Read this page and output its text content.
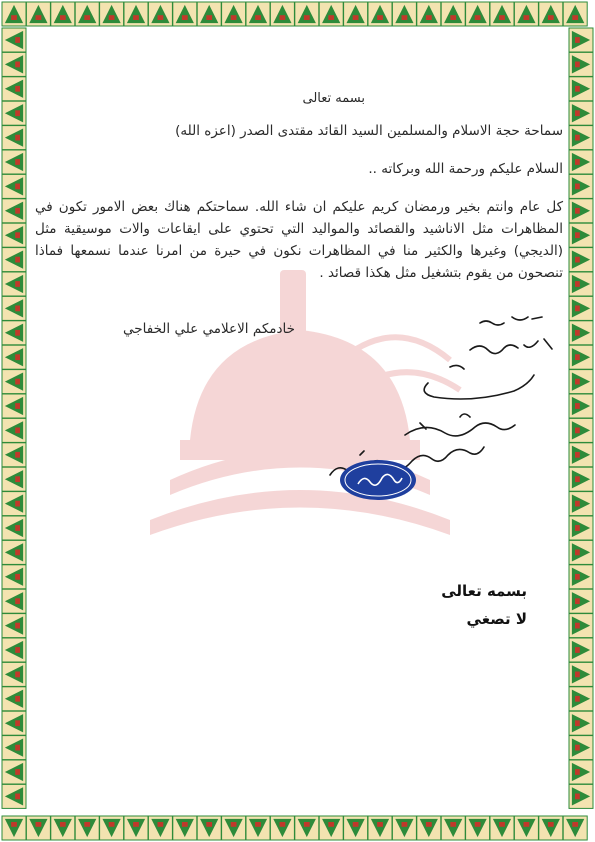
بسمه تعالى
سماحة حجة الاسلام والمسلمين السيد القائد مقتدى الصدر (اعزه الله)
السلام عليكم ورحمة الله وبركاته ..
كل عام وانتم بخير ورمضان كريم عليكم ان شاء الله. سماحتكم هناك بعض الامور تكون في المظاهرات مثل الاناشيد والقصائد والمواليد التي تحتوي على ايقاعات والات موسيقية مثل (الديجي) وغيرها والكثير منا في المظاهرات نكون في حيرة من امرنا عندما نسمعها فماذا تنصحون من يقوم بتشغيل مثل هكذا قصائد .
خادمكم الاعلامي علي الخفاجي
بسمه تعالى
لا تصغي
